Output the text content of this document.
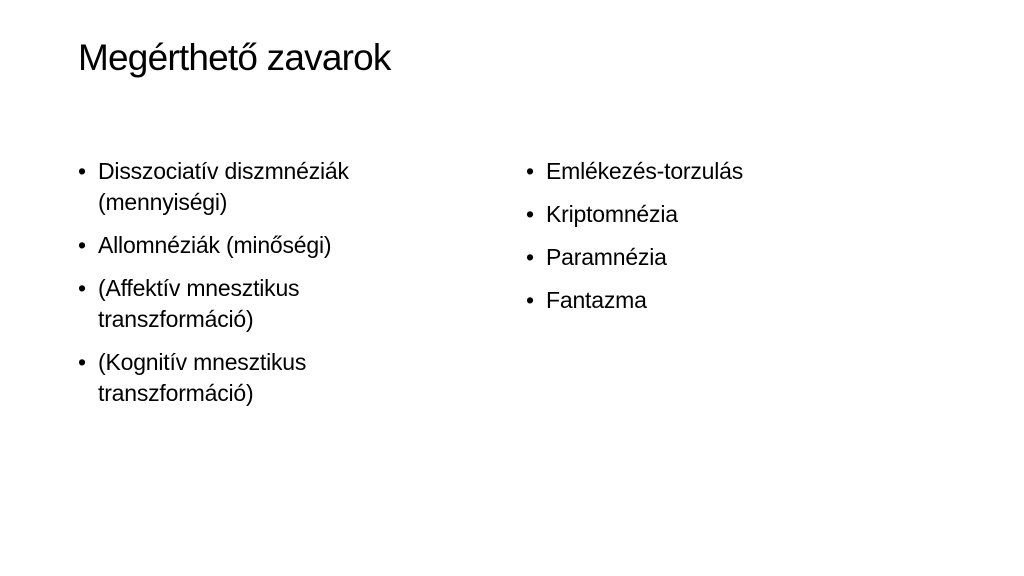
Megérthető zavarok
• Disszociatív diszmnéziák
(mennyiségi)
• Allomnéziák (minőségi)
• (Affektív mnesztikus
transzformáció)
• (Kognitív mnesztikus
transzformáció)
• Emlékezés-torzulás
• Kriptomnézia
• Paramnézia
• Fantazma
